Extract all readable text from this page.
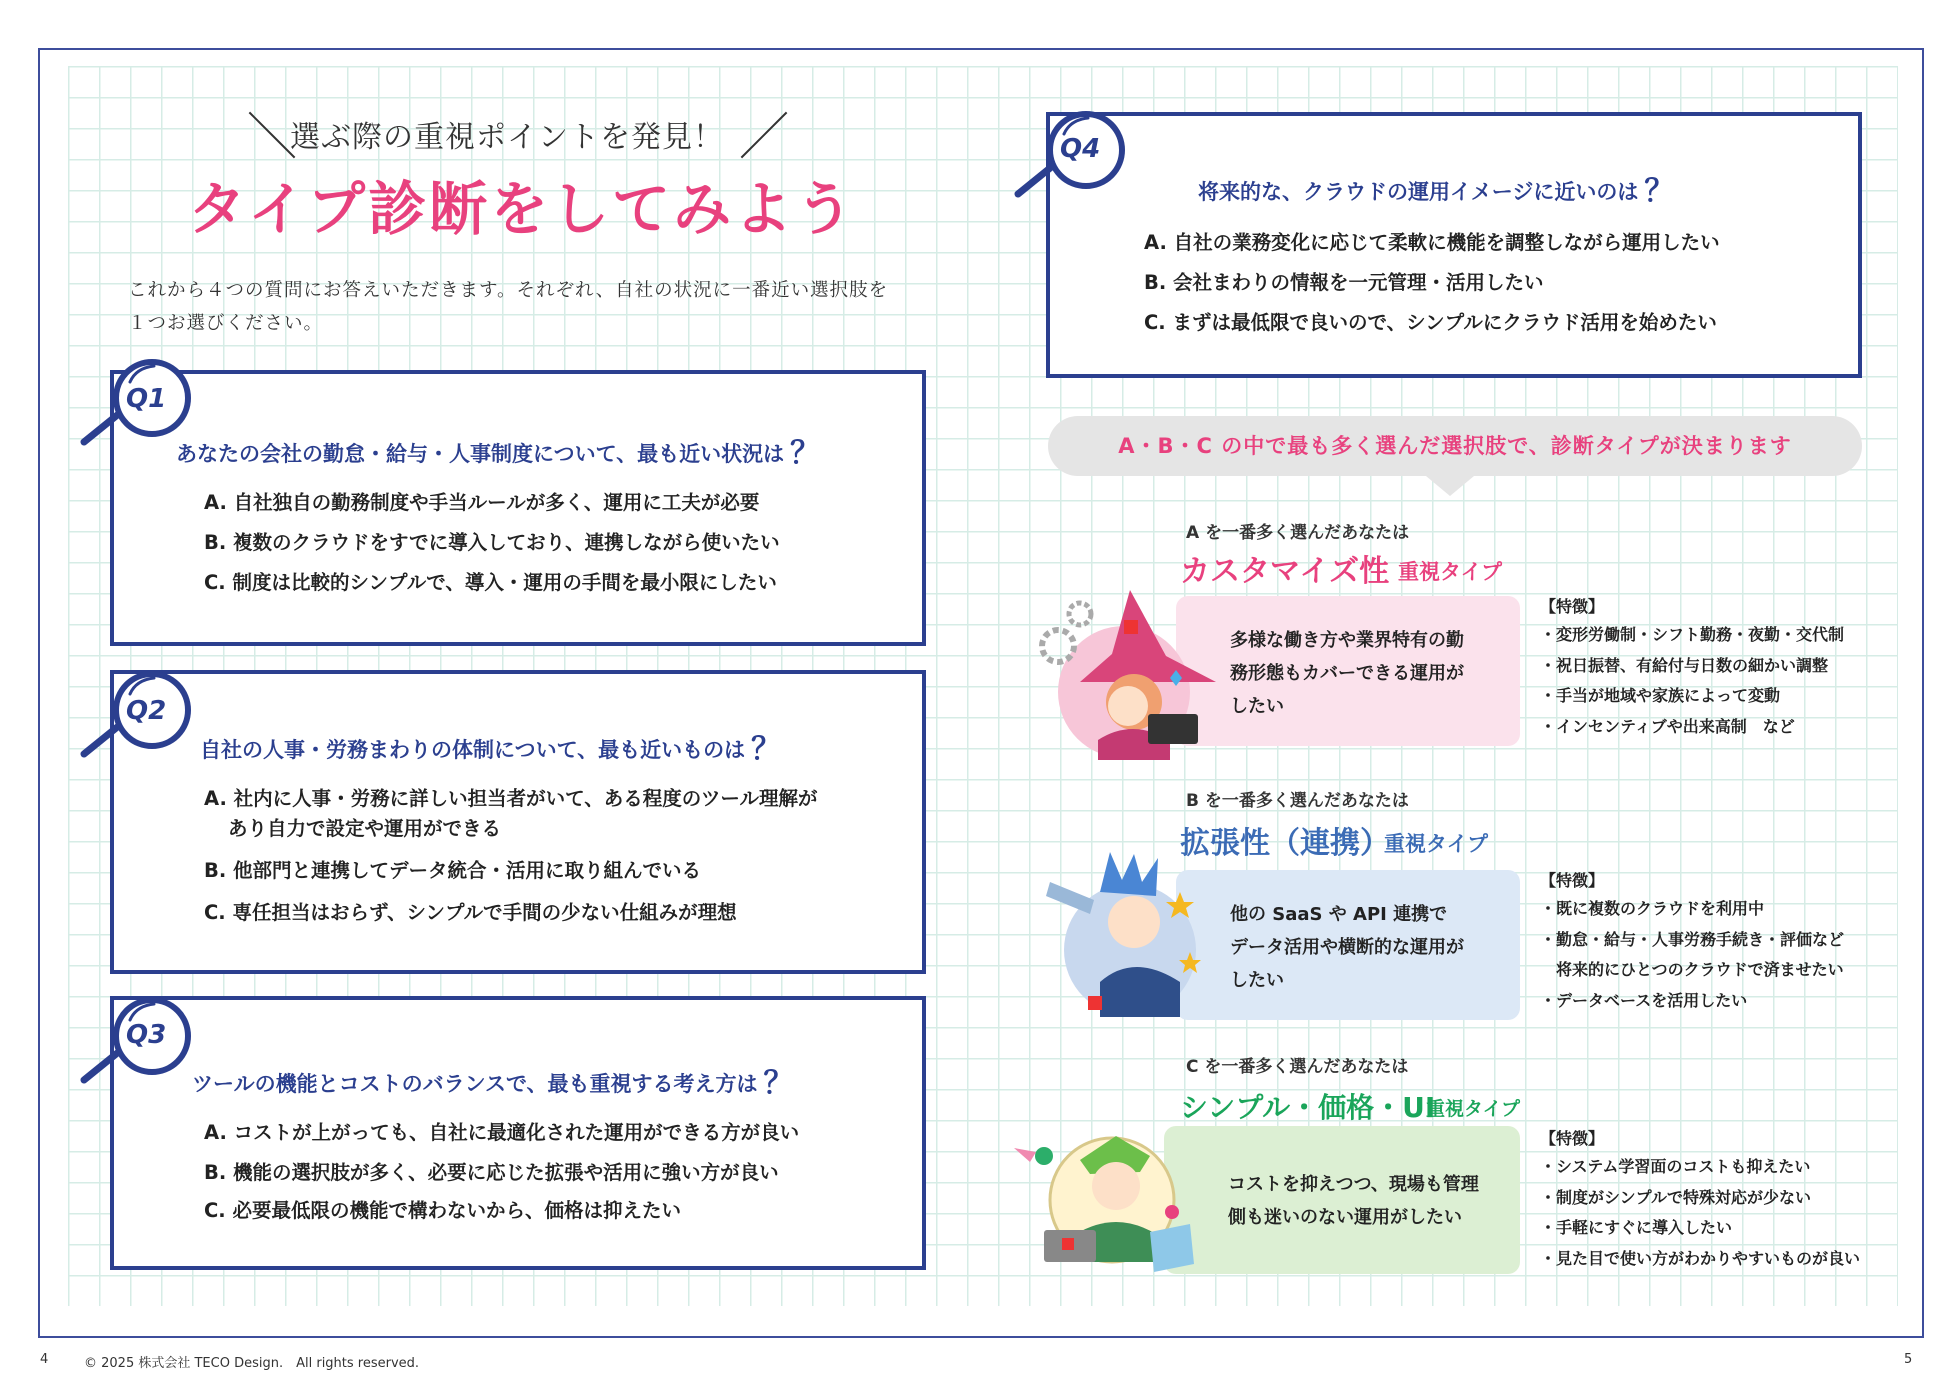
選ぶ際の重視ポイントを発見！
タイプ診断をしてみよう
これから４つの質問にお答えいただきます。それぞれ、自社の状況に一番近い選択肢を
１つお選びください。
Q1
あなたの会社の勤怠・給与・人事制度について、最も近い状況は ？
A. 自社独自の勤務制度や手当ルールが多く、運用に工夫が必要
B. 複数のクラウドをすでに導入しており、連携しながら使いたい
C. 制度は比較的シンプルで、導入・運用の手間を最小限にしたい
Q2
自社の人事・労務まわりの体制について、最も近いものは ？
A. 社内に人事・労務に詳しい担当者がいて、ある程度のツール理解が
あり自力で設定や運用ができる
B. 他部門と連携してデータ統合・活用に取り組んでいる
C. 専任担当はおらず、シンプルで手間の少ない仕組みが理想
Q3
ツールの機能とコストのバランスで、最も重視する考え方は ？
A. コストが上がっても、自社に最適化された運用ができる方が良い
B. 機能の選択肢が多く、必要に応じた拡張や活用に強い方が良い
C. 必要最低限の機能で構わないから、価格は抑えたい
Q4
将来的な、クラウドの運用イメージに近いのは ？
A. 自社の業務変化に応じて柔軟に機能を調整しながら運用したい
B. 会社まわりの情報を一元管理・活用したい
C. まずは最低限で良いので、シンプルにクラウド活用を始めたい
A・B・C の中で最も多く選んだ選択肢で、診断タイプが決まります
A を一番多く選んだあなたは
カスタマイズ性 重視タイプ
多様な働き方や業界特有の勤
務形態もカバーできる運用が
したい
【特徴】
・変形労働制・シフト勤務・夜勤・交代制
・祝日振替、有給付与日数の細かい調整
・手当が地域や家族によって変動
・インセンティブや出来高制　など
B を一番多く選んだあなたは
拡張性（連携）
重視タイプ
他の SaaS や API 連携で
データ活用や横断的な運用が
したい
【特徴】
・既に複数のクラウドを利用中
・勤怠・給与・人事労務手続き・評価など
　将来的にひとつのクラウドで済ませたい
・データベースを活用したい
C を一番多く選んだあなたは
シンプル・価格・UI
重視タイプ
コストを抑えつつ、現場も管理
側も迷いのない運用がしたい
【特徴】
・システム学習面のコストも抑えたい
・制度がシンプルで特殊対応が少ない
・手軽にすぐに導入したい
・見た目で使い方がわかりやすいものが良い
4	© 2025 株式会社 TECO Design.　All rights reserved.	5
